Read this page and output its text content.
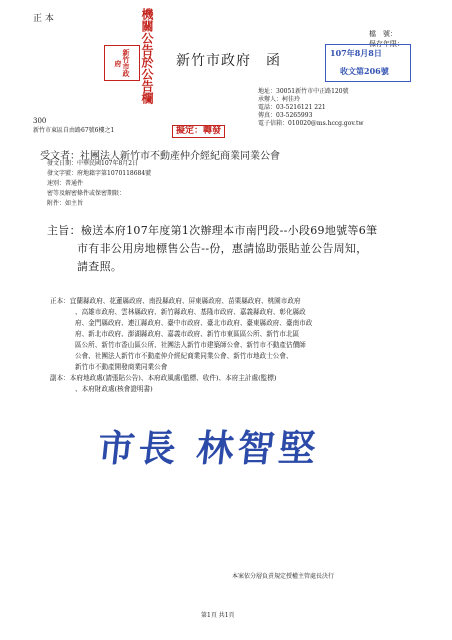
正 本
檔　號：
保存年限：
機關公告於公告欄
新竹市政府	新竹市政府　函	107年8月8日
收文第206號
地址：30051新竹市中正路120號
承辦人：柯佳玲
電話：03-5216121 221
傳真：03-5265993
電子信箱：010020@ms.hccg.gov.tw
300
新竹市東區自由路67號6樓之1	擬定：轉發
受文者：社團法人新竹市不動產仲介經紀商業同業公會
發文日期：中華民國107年8月2日
發文字號：府地籍字第1070118684號
速別：普通件
密等及解密條件或保密期限：
附件：如主旨
主旨：檢送本府107年度第1次辦理本市南門段--小段69地號等6筆
市有非公用房地標售公告--份，惠請協助張貼並公告周知，
請查照。
正本：宜蘭縣政府、花蓮縣政府、南投縣政府、屏東縣政府、苗栗縣政府、桃園市政府
、高雄市政府、雲林縣政府、新竹縣政府、基隆市政府、嘉義縣政府、彰化縣政
府、金門縣政府、連江縣政府、臺中市政府、臺北市政府、臺東縣政府、臺南市政
府、新北市政府、澎湖縣政府、嘉義市政府、新竹市東區區公所、新竹市北區
區公所、新竹市香山區公所、社團法人新竹市建築師公會、新竹市不動產估價師
公會、社團法人新竹市不動產仲介經紀商業同業公會、新竹市地政士公會、
新竹市不動產開發商業同業公會
副本：本府地政處(請張貼公告)、本府政風處(監標、收件)、本府主計處(監標)
、本府財政處(核會證明書)
市長 林智堅
本案依分層負責規定授權主管處長決行
第1頁 共1頁
